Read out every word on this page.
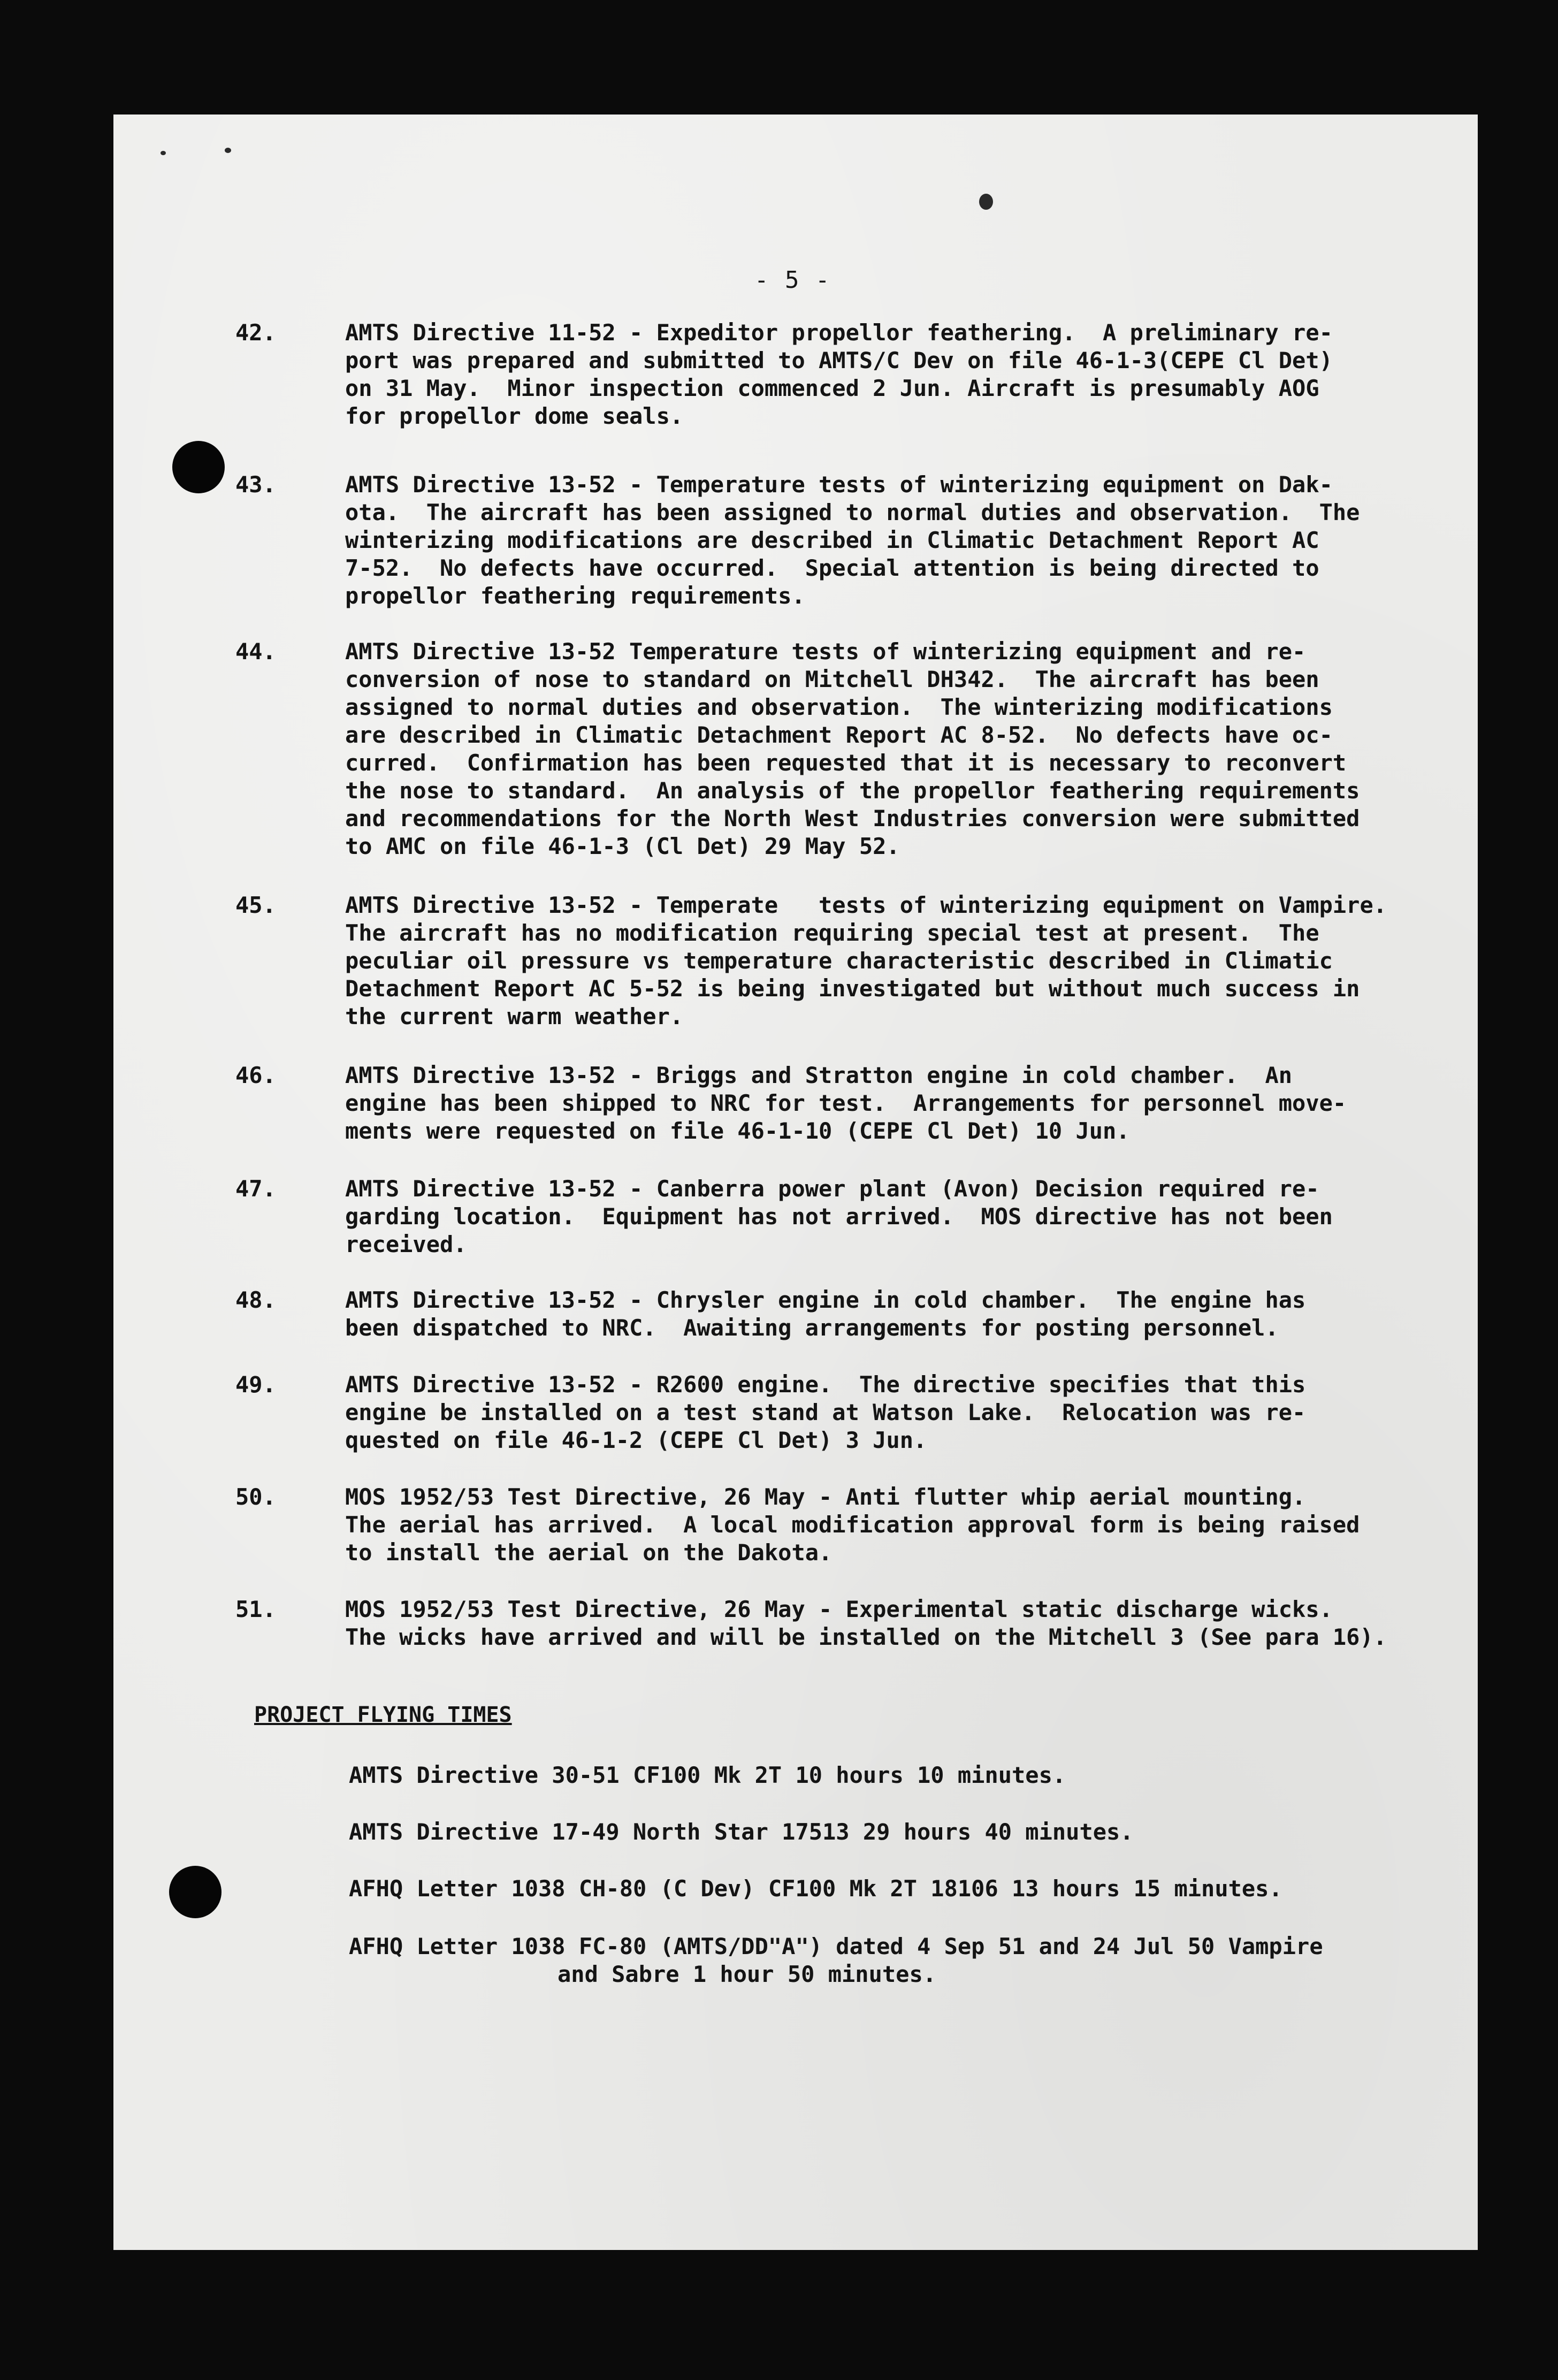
- 5 -
42.	AMTS Directive 11-52 - Expeditor propellor feathering.  A preliminary re-
port was prepared and submitted to AMTS/C Dev on file 46-1-3(CEPE Cl Det)
on 31 May.  Minor inspection commenced 2 Jun. Aircraft is presumably AOG
for propellor dome seals.
43.	AMTS Directive 13-52 - Temperature tests of winterizing equipment on Dak-
ota.  The aircraft has been assigned to normal duties and observation.  The
winterizing modifications are described in Climatic Detachment Report AC
7-52.  No defects have occurred.  Special attention is being directed to
propellor feathering requirements.
44.	AMTS Directive 13-52 Temperature tests of winterizing equipment and re-
conversion of nose to standard on Mitchell DH342.  The aircraft has been
assigned to normal duties and observation.  The winterizing modifications
are described in Climatic Detachment Report AC 8-52.  No defects have oc-
curred.  Confirmation has been requested that it is necessary to reconvert
the nose to standard.  An analysis of the propellor feathering requirements
and recommendations for the North West Industries conversion were submitted
to AMC on file 46-1-3 (Cl Det) 29 May 52.
45.	AMTS Directive 13-52 - Temperate   tests of winterizing equipment on Vampire.
The aircraft has no modification requiring special test at present.  The
peculiar oil pressure vs temperature characteristic described in Climatic
Detachment Report AC 5-52 is being investigated but without much success in
the current warm weather.
46.	AMTS Directive 13-52 - Briggs and Stratton engine in cold chamber.  An
engine has been shipped to NRC for test.  Arrangements for personnel move-
ments were requested on file 46-1-10 (CEPE Cl Det) 10 Jun.
47.	AMTS Directive 13-52 - Canberra power plant (Avon) Decision required re-
garding location.  Equipment has not arrived.  MOS directive has not been
received.
48.	AMTS Directive 13-52 - Chrysler engine in cold chamber.  The engine has
been dispatched to NRC.  Awaiting arrangements for posting personnel.
49.	AMTS Directive 13-52 - R2600 engine.  The directive specifies that this
engine be installed on a test stand at Watson Lake.  Relocation was re-
quested on file 46-1-2 (CEPE Cl Det) 3 Jun.
50.	MOS 1952/53 Test Directive, 26 May - Anti flutter whip aerial mounting.
The aerial has arrived.  A local modification approval form is being raised
to install the aerial on the Dakota.
51.	MOS 1952/53 Test Directive, 26 May - Experimental static discharge wicks.
The wicks have arrived and will be installed on the Mitchell 3 (See para 16).
PROJECT FLYING TIMES
AMTS Directive 30-51 CF100 Mk 2T 10 hours 10 minutes.
AMTS Directive 17-49 North Star 17513 29 hours 40 minutes.
AFHQ Letter 1038 CH-80 (C Dev) CF100 Mk 2T 18106 13 hours 15 minutes.
AFHQ Letter 1038 FC-80 (AMTS/DD"A") dated 4 Sep 51 and 24 Jul 50 Vampire
and Sabre 1 hour 50 minutes.
